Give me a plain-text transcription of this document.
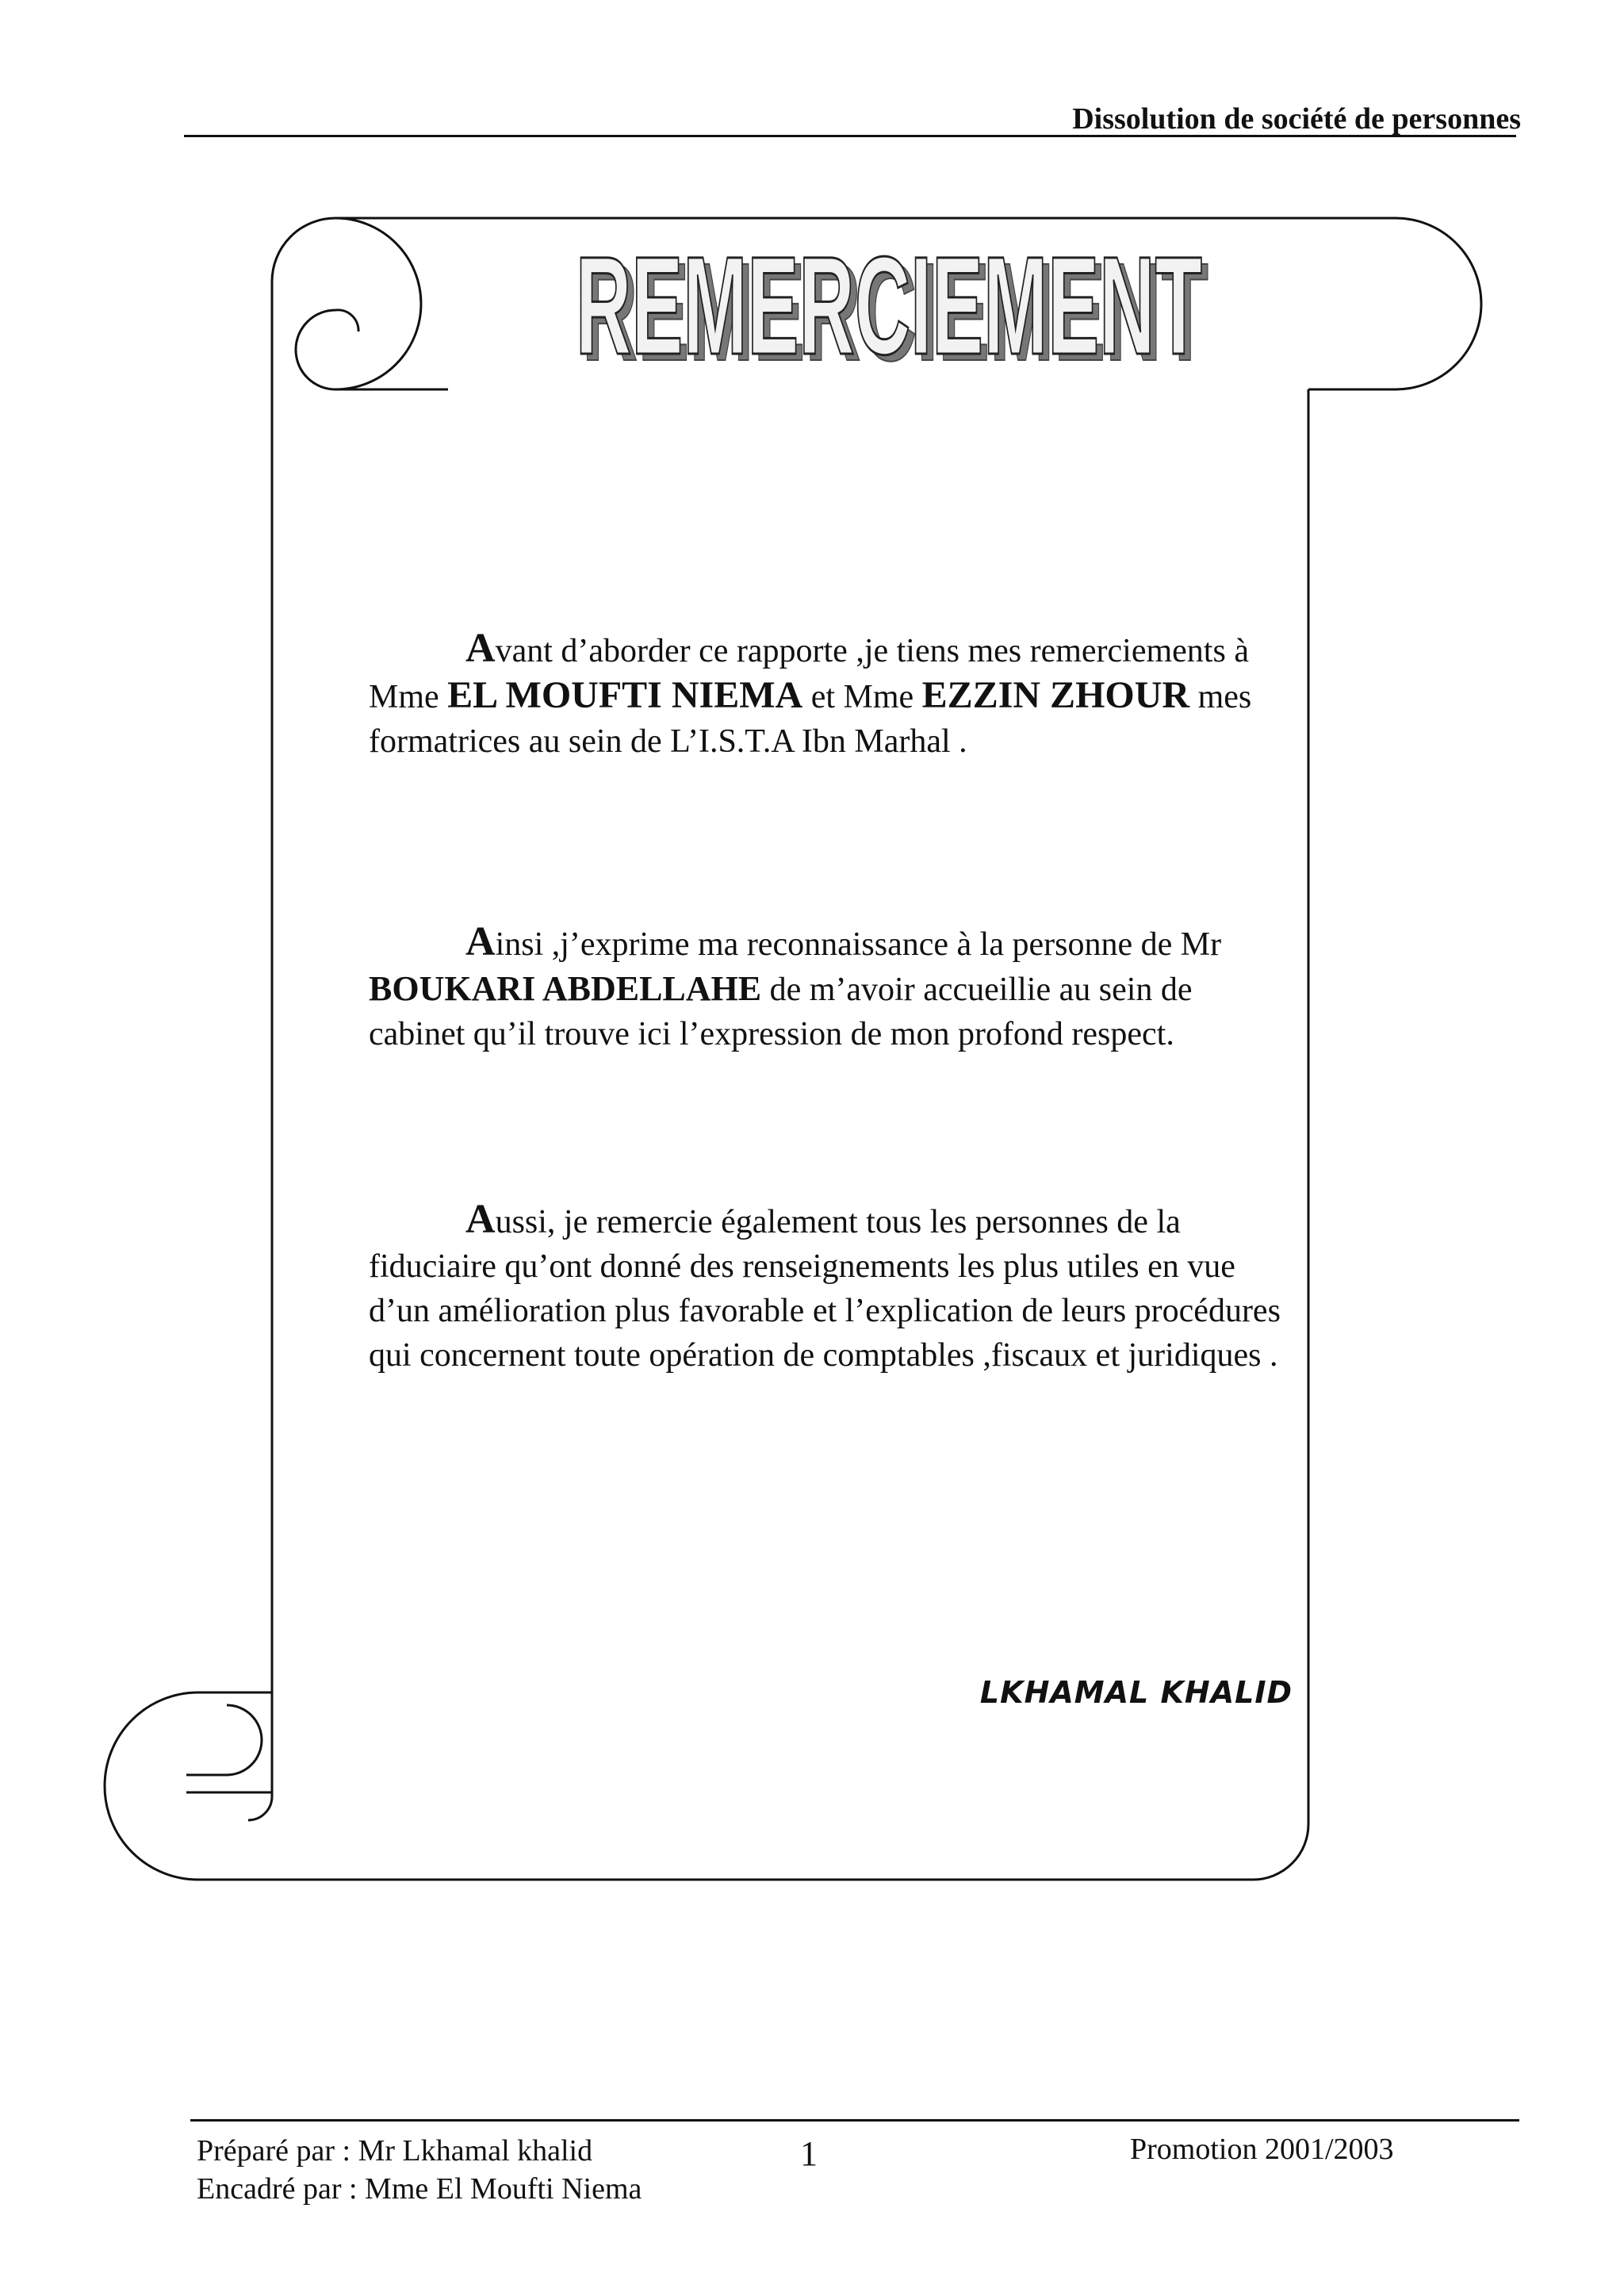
Dissolution de société de personnes
REMERCIEMENT
REMERCIEMENT
Avant d’aborder ce rapporte ,je tiens mes remerciements à Mme EL MOUFTI NIEMA et Mme EZZIN ZHOUR mes formatrices au sein de L’I.S.T.A Ibn Marhal .
Ainsi ,j’exprime ma reconnaissance à la personne de Mr BOUKARI ABDELLAHE de m’avoir accueillie au sein de cabinet qu’il trouve ici l’expression de mon profond respect.
Aussi, je remercie également tous les personnes de la fiduciaire qu’ont donné des renseignements les plus utiles en vue d’un amélioration plus favorable et l’explication de leurs procédures qui concernent toute opération de comptables ,fiscaux et juridiques .
LKHAMAL KHALID
Préparé par : Mr Lkhamal khalid
Encadré par : Mme El Moufti Niema
1	Promotion 2001/2003
